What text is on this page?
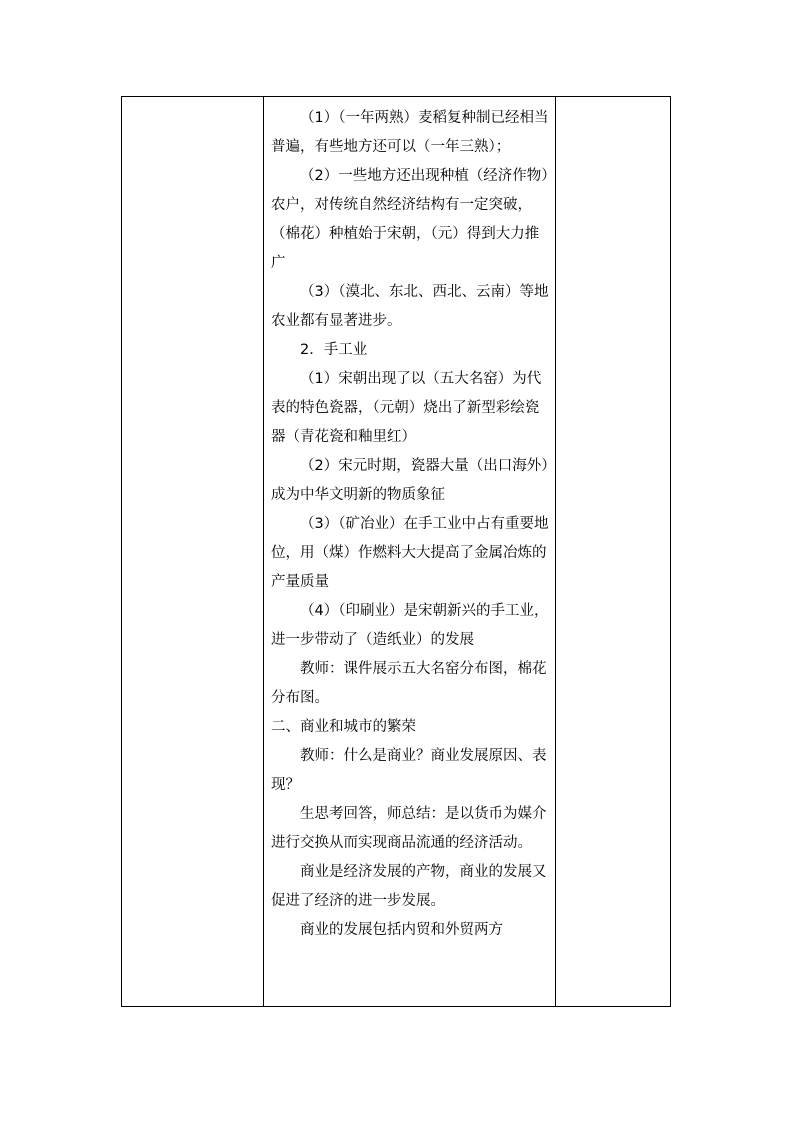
（1）（一年两熟）麦稻复种制已经相当普遍，有些地方还可以（一年三熟）；

（2）一些地方还出现种植（经济作物）农户，对传统自然经济结构有一定突破，（棉花）种植始于宋朝，（元）得到大力推广

（3）（漠北、东北、西北、云南）等地农业都有显著进步。

2．手工业

（1）宋朝出现了以（五大名窑）为代表的特色瓷器，（元朝）烧出了新型彩绘瓷器（青花瓷和釉里红）

（2）宋元时期，瓷器大量（出口海外）成为中华文明新的物质象征

（3）（矿冶业）在手工业中占有重要地位，用（煤）作燃料大大提高了金属冶炼的产量质量

（4）（印刷业）是宋朝新兴的手工业，进一步带动了（造纸业）的发展

教师：课件展示五大名窑分布图，棉花分布图。

二、商业和城市的繁荣

教师：什么是商业？商业发展原因、表现？

生思考回答，师总结：是以货币为媒介进行交换从而实现商品流通的经济活动。

商业是经济发展的产物，商业的发展又促进了经济的进一步发展。

商业的发展包括内贸和外贸两方
